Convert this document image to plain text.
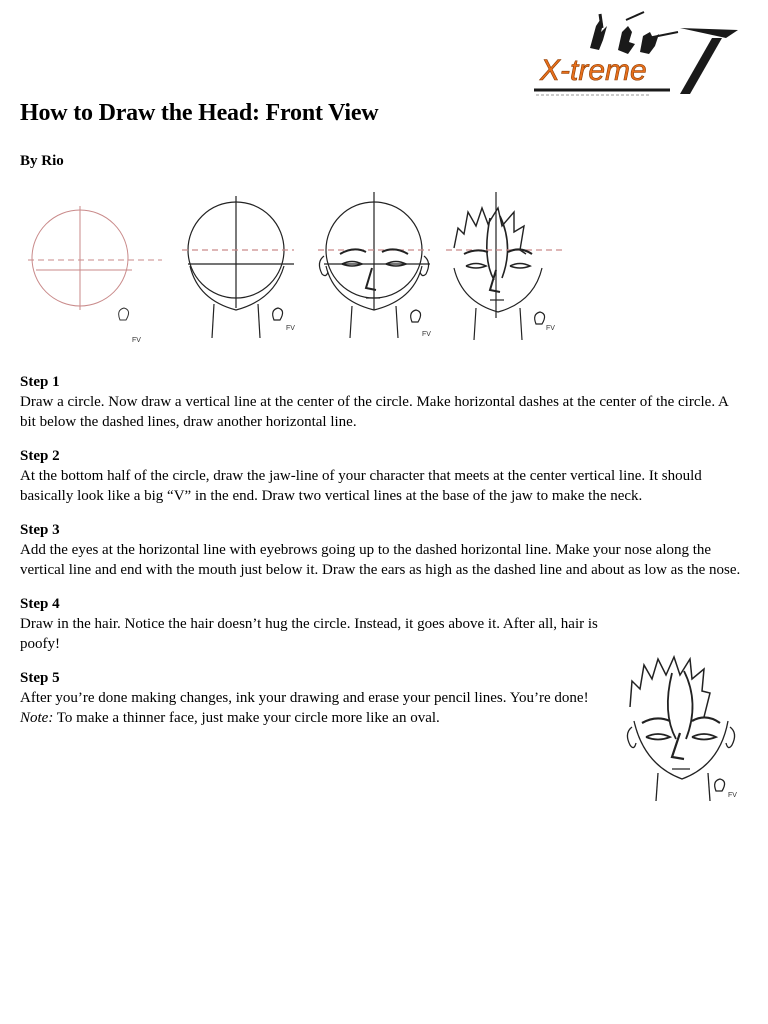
X-treme
How to Draw the Head: Front View

By Rio

FV
FV
FV
FV
Step 1
Draw a circle. Now draw a vertical line at the center of the circle. Make horizontal dashes at the center of the circle. A bit below the dashed lines, draw another horizontal line.
Step 2
At the bottom half of the circle, draw the jaw-line of your character that meets at the center vertical line. It should basically look like a big “V” in the end. Draw two vertical lines at the base of the jaw to make the neck.
Step 3
Add the eyes at the horizontal line with eyebrows going up to the dashed horizontal line. Make your nose along the vertical line and end with the mouth just below it. Draw the ears as high as the dashed line and about as low as the nose.
Step 4
Draw in the hair. Notice the hair doesn’t hug the circle. Instead, it goes above it. After all, hair is poofy!
Step 5
After you’re done making changes, ink your drawing and erase your pencil lines. You’re done! Note: To make a thinner face, just make your circle more like an oval.
FV
